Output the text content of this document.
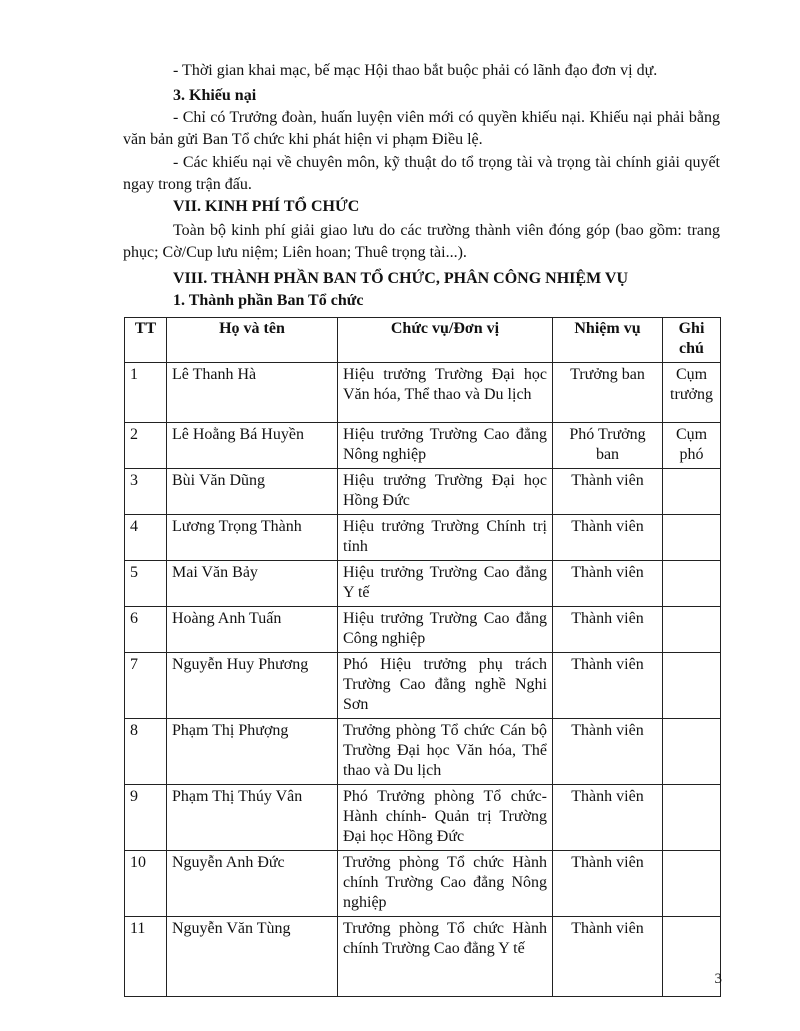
- Thời gian khai mạc, bế mạc Hội thao bắt buộc phải có lãnh đạo đơn vị dự.

3. Khiếu nại

- Chỉ có Trưởng đoàn, huấn luyện viên mới có quyền khiếu nại. Khiếu nại phải bằng văn bản gửi Ban Tổ chức khi phát hiện vi phạm Điều lệ.

- Các khiếu nại về chuyên môn, kỹ thuật do tổ trọng tài và trọng tài chính giải quyết ngay trong trận đấu.

VII. KINH PHÍ TỔ CHỨC

Toàn bộ kinh phí giải giao lưu do các trường thành viên đóng góp (bao gồm: trang phục; Cờ/Cup lưu niệm; Liên hoan; Thuê trọng tài...).

VIII. THÀNH PHẦN BAN TỔ CHỨC, PHÂN CÔNG NHIỆM VỤ

1. Thành phần Ban Tổ chức

TT	Họ và tên	Chức vụ/Đơn vị	Nhiệm vụ	Ghi chú
1	Lê Thanh Hà	Hiệu trưởng Trường Đại học Văn hóa, Thể thao và Du lịch	Trưởng ban	Cụm trưởng
2	Lê Hoằng Bá Huyền	Hiệu trưởng Trường Cao đẳng Nông nghiệp	Phó Trưởng ban	Cụm phó
3	Bùi Văn Dũng	Hiệu trưởng Trường Đại học Hồng Đức	Thành viên	
4	Lương Trọng Thành	Hiệu trưởng Trường Chính trị tỉnh	Thành viên	
5	Mai Văn Bảy	Hiệu trưởng Trường Cao đẳng Y tế	Thành viên	
6	Hoàng Anh Tuấn	Hiệu trưởng Trường Cao đẳng Công nghiệp	Thành viên	
7	Nguyễn Huy Phương	Phó Hiệu trưởng phụ trách Trường Cao đẳng nghề Nghi Sơn	Thành viên	
8	Phạm Thị Phượng	Trưởng phòng Tổ chức Cán bộ Trường Đại học Văn hóa, Thể thao và Du lịch	Thành viên	
9	Phạm Thị Thúy Vân	Phó Trưởng phòng Tổ chức- Hành chính- Quản trị Trường Đại học Hồng Đức	Thành viên	
10	Nguyễn Anh Đức	Trưởng phòng Tổ chức Hành chính Trường Cao đẳng Nông nghiệp	Thành viên	
11	Nguyễn Văn Tùng	Trưởng phòng Tổ chức Hành chính Trường Cao đẳng Y tế	Thành viên	
3
